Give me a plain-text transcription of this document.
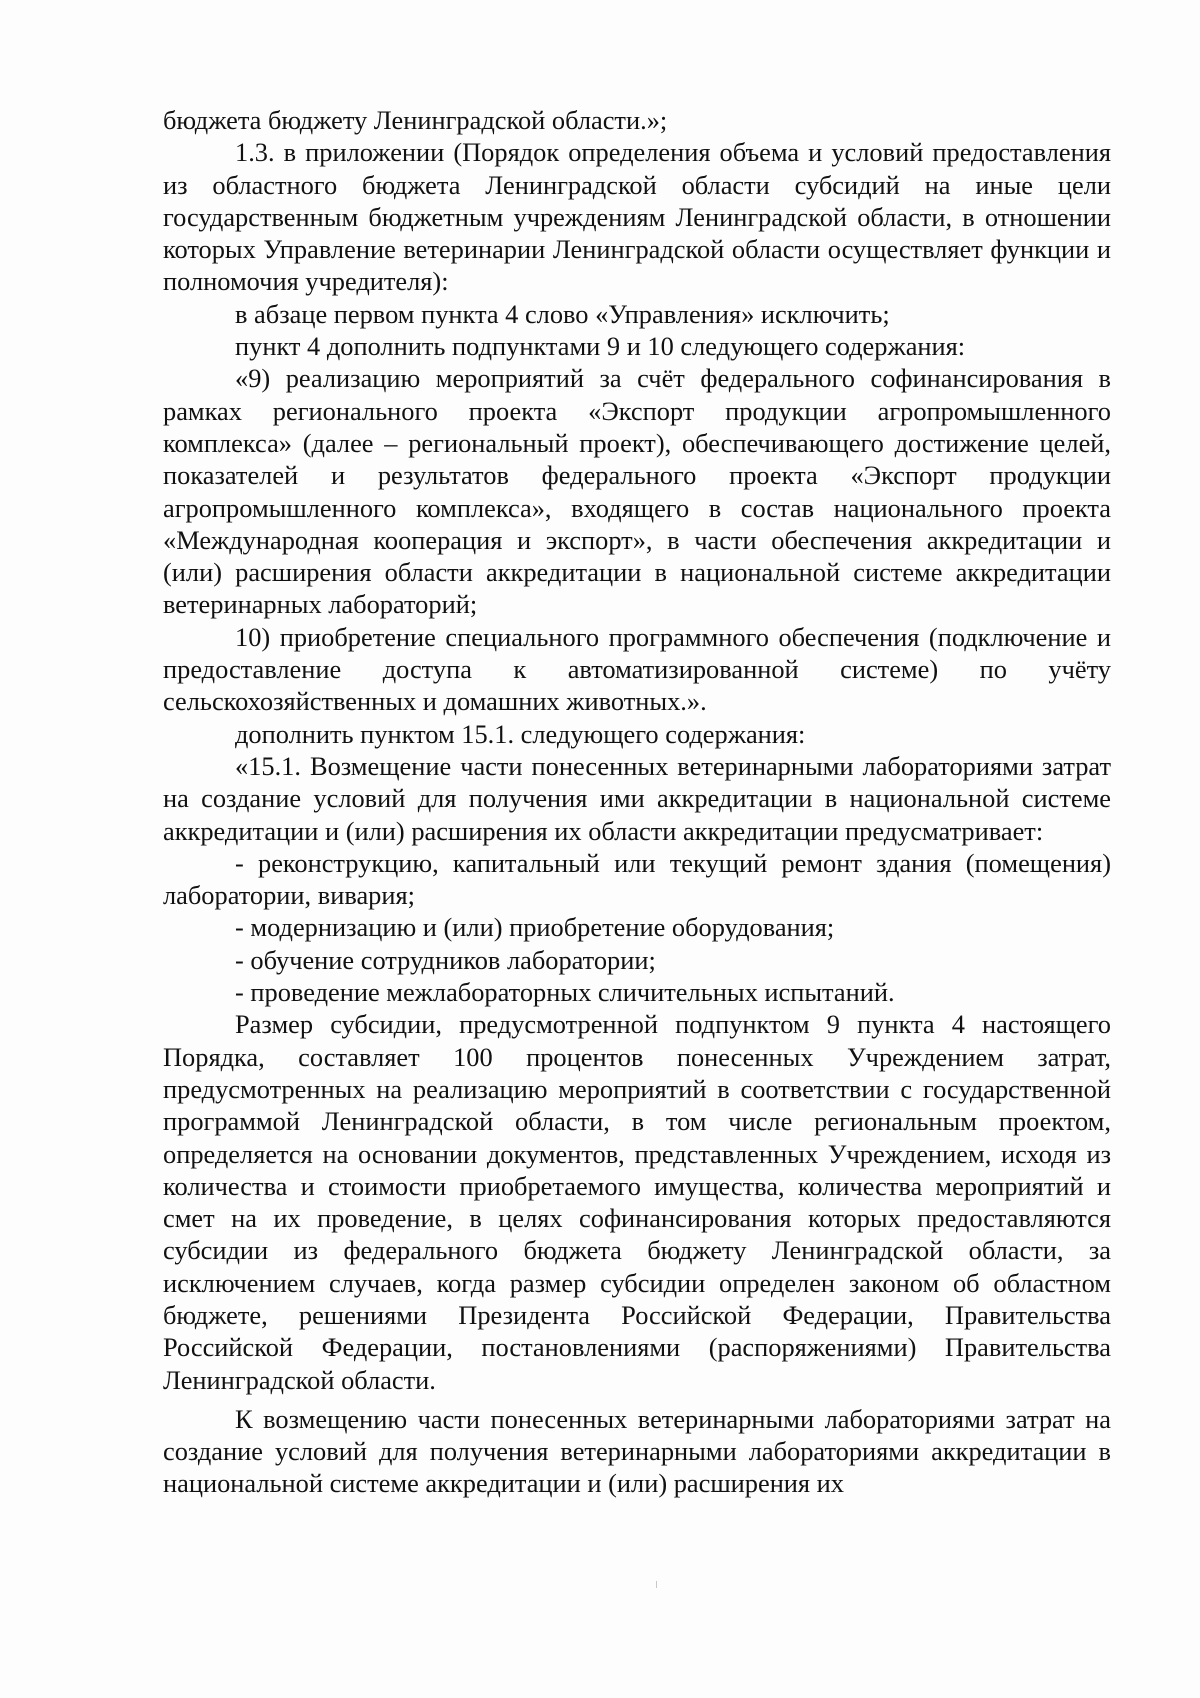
бюджета бюджету Ленинградской области.»;

1.3. в приложении (Порядок определения объема и условий предоставления из областного бюджета Ленинградской области субсидий на иные цели государственным бюджетным учреждениям Ленинградской области, в отношении которых Управление ветеринарии Ленинградской области осуществляет функции и полномочия учредителя):

в абзаце первом пункта 4 слово «Управления» исключить;

пункт 4 дополнить подпунктами 9 и 10 следующего содержания:

«9) реализацию мероприятий за счёт федерального софинансирования в рамках регионального проекта «Экспорт продукции агропромышленного комплекса» (далее – региональный проект), обеспечивающего достижение целей, показателей и результатов федерального проекта «Экспорт продукции агропромышленного комплекса», входящего в состав национального проекта «Международная кооперация и экспорт», в части обеспечения аккредитации и (или) расширения области аккредитации в национальной системе аккредитации ветеринарных лабораторий;

10) приобретение специального программного обеспечения (подключение и предоставление доступа к автоматизированной системе) по учёту сельскохозяйственных и домашних животных.».

дополнить пунктом 15.1. следующего содержания:

«15.1. Возмещение части понесенных ветеринарными лабораториями затрат на создание условий для получения ими аккредитации в национальной системе аккредитации и (или) расширения их области аккредитации предусматривает:

- реконструкцию, капитальный или текущий ремонт здания (помещения) лаборатории, вивария;

- модернизацию и (или) приобретение оборудования;

- обучение сотрудников лаборатории;

- проведение межлабораторных сличительных испытаний.

Размер субсидии, предусмотренной подпунктом 9 пункта 4 настоящего Порядка, составляет 100 процентов понесенных Учреждением затрат, предусмотренных на реализацию мероприятий в соответствии с государственной программой Ленинградской области, в том числе региональным проектом, определяется на основании документов, представленных Учреждением, исходя из количества и стоимости приобретаемого имущества, количества мероприятий и смет на их проведение, в целях софинансирования которых предоставляются субсидии из федерального бюджета бюджету Ленинградской области, за исключением случаев, когда размер субсидии определен законом об областном бюджете, решениями Президента Российской Федерации, Правительства Российской Федерации, постановлениями (распоряжениями) Правительства Ленинградской области.

К возмещению части понесенных ветеринарными лабораториями затрат на создание условий для получения ветеринарными лабораториями аккредитации в национальной системе аккредитации и (или) расширения их
